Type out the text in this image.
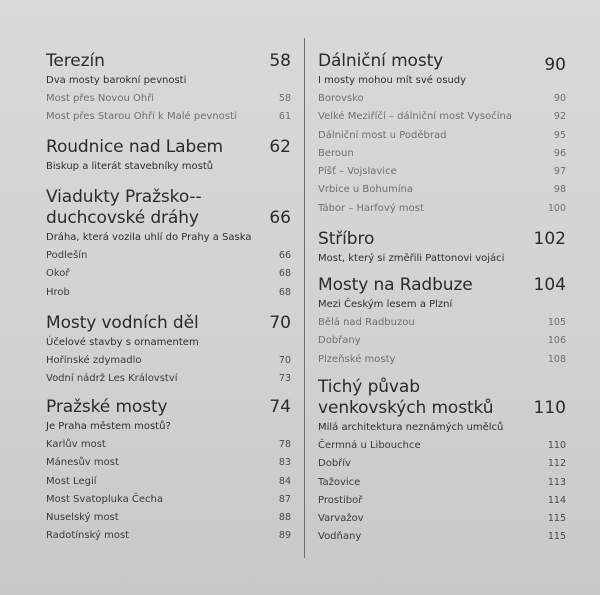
Terezín	58
Dva mosty barokní pevnosti
Most přes Novou Ohři	58
Most přes Starou Ohři k Malé pevnosti	61
Roudnice nad Labem	62
Biskup a literát stavebníky mostů
Viadukty Pražsko--duchcovské dráhy	66
Dráha, která vozila uhlí do Prahy a Saska
Podlešín	66
Okoř	68
Hrob	68
Mosty vodních děl	70
Účelové stavby s ornamentem
Hořínské zdymadlo	70
Vodní nádrž Les Království	73
Pražské mosty	74
Je Praha městem mostů?
Karlův most	78
Mánesův most	83
Most Legií	84
Most Svatopluka Čecha	87
Nuselský most	88
Radotínský most	89
Dálniční mosty	90
I mosty mohou mít své osudy
Borovsko	90
Velké Meziříčí – dálniční most Vysočina	92
Dálniční most u Poděbrad	95
Beroun	96
Píšť – Vojslavice	97
Vrbice u Bohumína	98
Tábor – Harfový most	100
Stříbro	102
Most, který si změřili Pattonovi vojáci
Mosty na Radbuze	104
Mezi Českým lesem a Plzní
Bělá nad Radbuzou	105
Dobřany	106
Plzeňské mosty	108
Tichý půvab venkovských mostků	110
Milá architektura neznámých umělců
Čermná u Libouchce	110
Dobřív	112
Tažovice	113
Prostiboř	114
Varvažov	115
Vodňany	115
